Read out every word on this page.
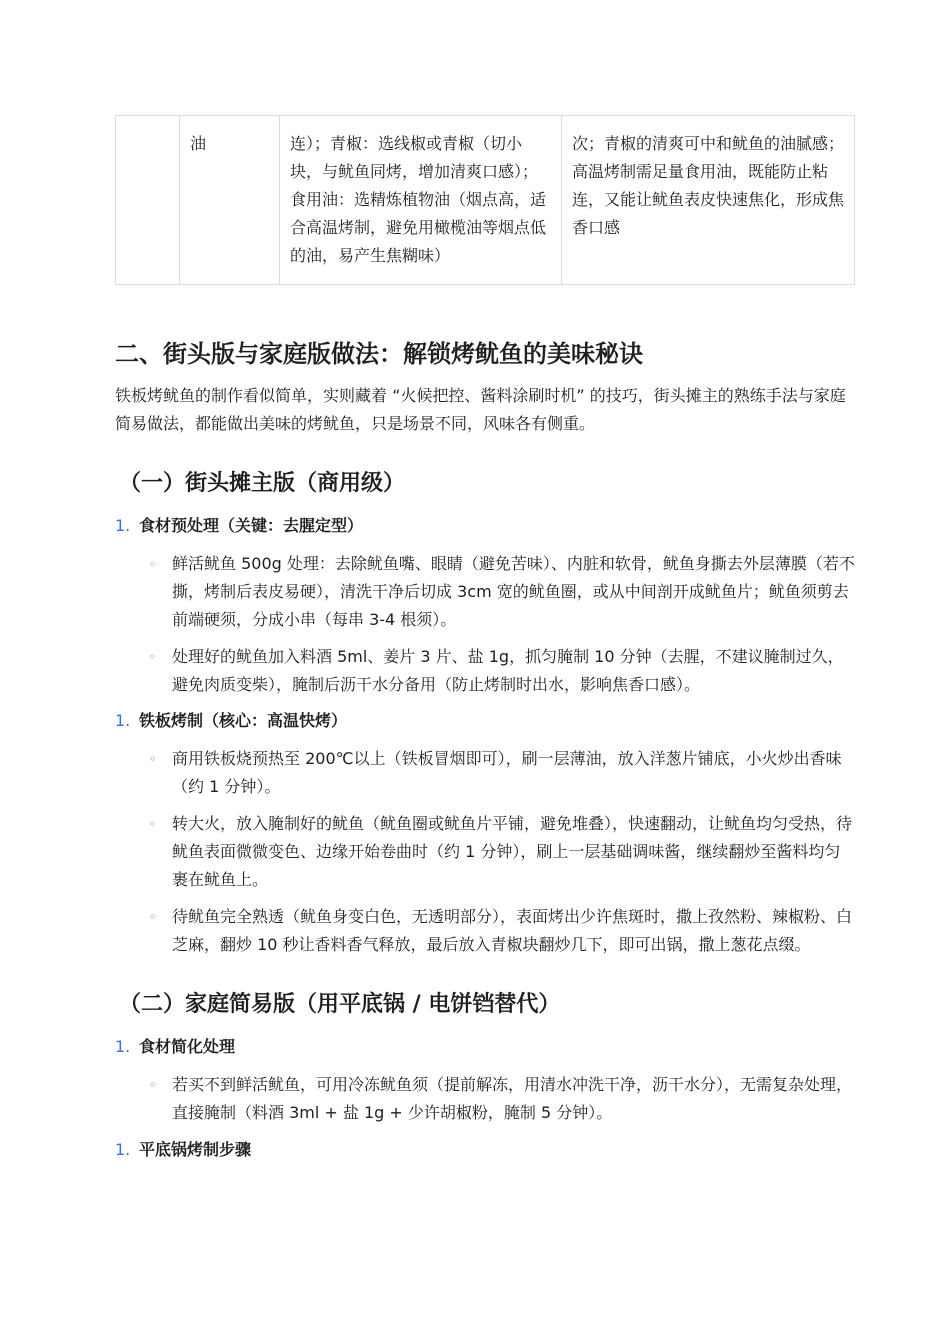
	油	连）；青椒：选线椒或青椒（切小块，与鱿鱼同烤，增加清爽口感）；食用油：选精炼植物油（烟点高，适合高温烤制，避免用橄榄油等烟点低的油，易产生焦糊味）	次；青椒的清爽可中和鱿鱼的油腻感；高温烤制需足量食用油，既能防止粘连，又能让鱿鱼表皮快速焦化，形成焦香口感
二、街头版与家庭版做法：解锁烤鱿鱼的美味秘诀

铁板烤鱿鱼的制作看似简单，实则藏着 “火候把控、酱料涂刷时机” 的技巧，街头摊主的熟练手法与家庭简易做法，都能做出美味的烤鱿鱼，只是场景不同，风味各有侧重。

（一）街头摊主版（商用级）
1. 食材预处理（关键：去腥定型）
◦ 鲜活鱿鱼 500g 处理：去除鱿鱼嘴、眼睛（避免苦味）、内脏和软骨，鱿鱼身撕去外层薄膜（若不撕，烤制后表皮易硬），清洗干净后切成 3cm 宽的鱿鱼圈，或从中间剖开成鱿鱼片；鱿鱼须剪去前端硬须，分成小串（每串 3-4 根须）。
◦ 处理好的鱿鱼加入料酒 5ml、姜片 3 片、盐 1g，抓匀腌制 10 分钟（去腥，不建议腌制过久，避免肉质变柴），腌制后沥干水分备用（防止烤制时出水，影响焦香口感）。
1. 铁板烤制（核心：高温快烤）
◦ 商用铁板烧预热至 200℃以上（铁板冒烟即可），刷一层薄油，放入洋葱片铺底，小火炒出香味（约 1 分钟）。
◦ 转大火，放入腌制好的鱿鱼（鱿鱼圈或鱿鱼片平铺，避免堆叠），快速翻动，让鱿鱼均匀受热，待鱿鱼表面微微变色、边缘开始卷曲时（约 1 分钟），刷上一层基础调味酱，继续翻炒至酱料均匀裹在鱿鱼上。
◦ 待鱿鱼完全熟透（鱿鱼身变白色，无透明部分），表面烤出少许焦斑时，撒上孜然粉、辣椒粉、白芝麻，翻炒 10 秒让香料香气释放，最后放入青椒块翻炒几下，即可出锅，撒上葱花点缀。
（二）家庭简易版（用平底锅 / 电饼铛替代）
1. 食材简化处理
◦ 若买不到鲜活鱿鱼，可用冷冻鱿鱼须（提前解冻，用清水冲洗干净，沥干水分），无需复杂处理，直接腌制（料酒 3ml + 盐 1g + 少许胡椒粉，腌制 5 分钟）。
1. 平底锅烤制步骤
